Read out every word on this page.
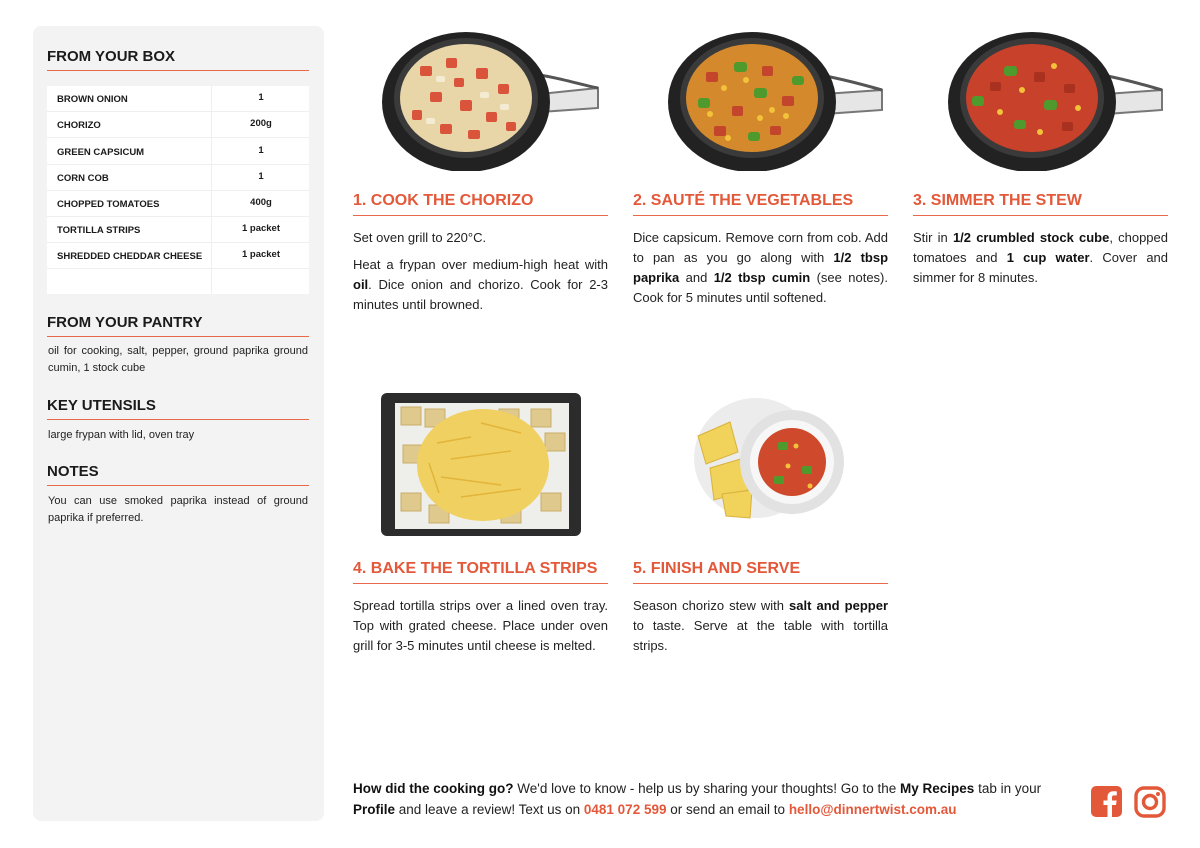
FROM YOUR BOX
BROWN ONION	1
CHORIZO	200g
GREEN CAPSICUM	1
CORN COB	1
CHOPPED TOMATOES	400g
TORTILLA STRIPS	1 packet
SHREDDED CHEDDAR CHEESE	1 packet
FROM YOUR PANTRY
oil for cooking, salt, pepper, ground paprika ground cumin, 1 stock cube
KEY UTENSILS
large frypan with lid, oven tray
NOTES
You can use smoked paprika instead of ground paprika if preferred.
1. COOK THE CHORIZO

Set oven grill to 220°C.

Heat a frypan over medium-high heat with oil. Dice onion and chorizo. Cook for 2-3 minutes until browned.

2. SAUTÉ THE VEGETABLES

Dice capsicum. Remove corn from cob. Add to pan as you go along with 1/2 tbsp paprika and 1/2 tbsp cumin (see notes). Cook for 5 minutes until softened.

3. SIMMER THE STEW

Stir in 1/2 crumbled stock cube, chopped tomatoes and 1 cup water. Cover and simmer for 8 minutes.

4. BAKE THE TORTILLA STRIPS

Spread tortilla strips over a lined oven tray. Top with grated cheese. Place under oven grill for 3-5 minutes until cheese is melted.

5. FINISH AND SERVE

Season chorizo stew with salt and pepper to taste. Serve at the table with tortilla strips.

How did the cooking go? We'd love to know - help us by sharing your thoughts! Go to the My Recipes tab in your Profile and leave a review! Text us on 0481 072 599 or send an email to hello@dinnertwist.com.au
